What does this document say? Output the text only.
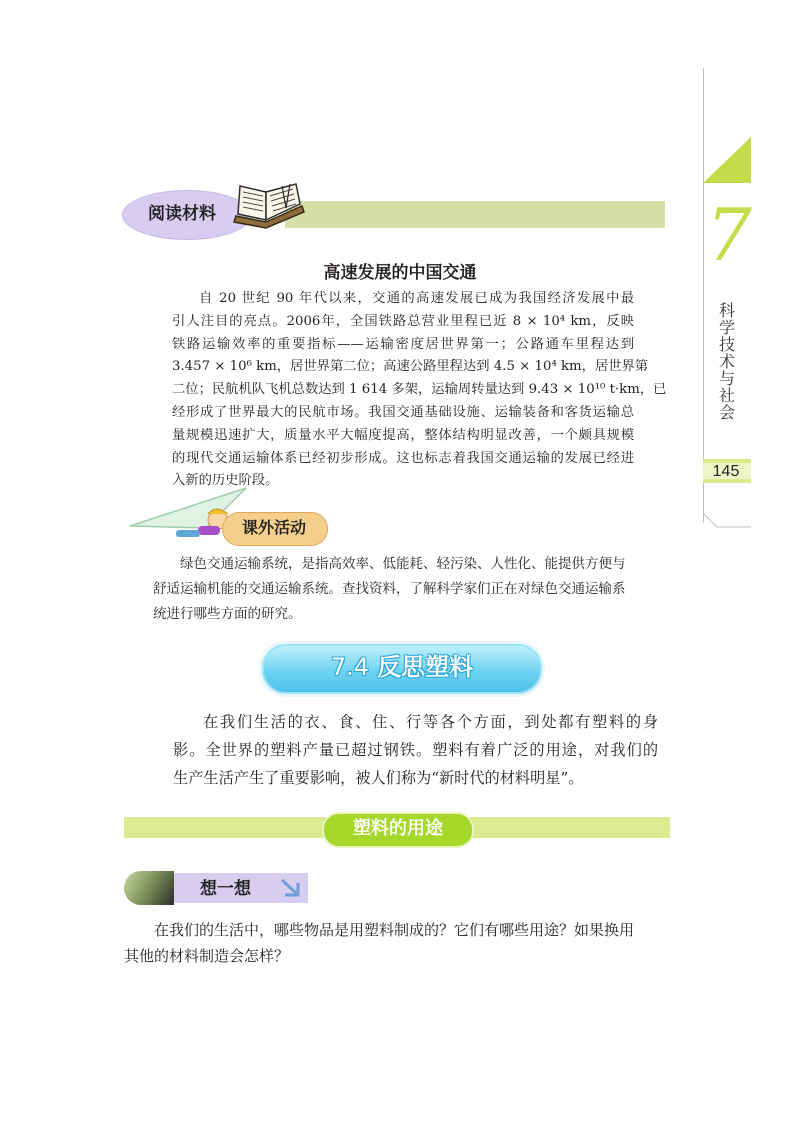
7
科学技术与社会
145
阅读材料
高速发展的中国交通
自 20 世纪 90 年代以来，交通的高速发展已成为我国经济发展中最
引人注目的亮点。2006年，全国铁路总营业里程已近 8 × 10⁴ km，反映
铁路运输效率的重要指标——运输密度居世界第一；公路通车里程达到
3.457 × 10⁶ km，居世界第二位；高速公路里程达到 4.5 × 10⁴ km，居世界第
二位；民航机队飞机总数达到 1 614 多架，运输周转量达到 9.43 × 10¹⁰ t·km，已
经形成了世界最大的民航市场。我国交通基础设施、运输装备和客货运输总
量规模迅速扩大，质量水平大幅度提高，整体结构明显改善，一个颇具规模
的现代交通运输体系已经初步形成。这也标志着我国交通运输的发展已经进
入新的历史阶段。
课外活动
绿色交通运输系统，是指高效率、低能耗、轻污染、人性化、能提供方便与
舒适运输机能的交通运输系统。查找资料，了解科学家们正在对绿色交通运输系
统进行哪些方面的研究。
7.4 反思塑料
在我们生活的衣、食、住、行等各个方面，到处都有塑料的身
影。全世界的塑料产量已超过钢铁。塑料有着广泛的用途，对我们的
生产生活产生了重要影响，被人们称为“新时代的材料明星”。
塑料的用途
想一想
在我们的生活中，哪些物品是用塑料制成的？它们有哪些用途？如果换用
其他的材料制造会怎样？
